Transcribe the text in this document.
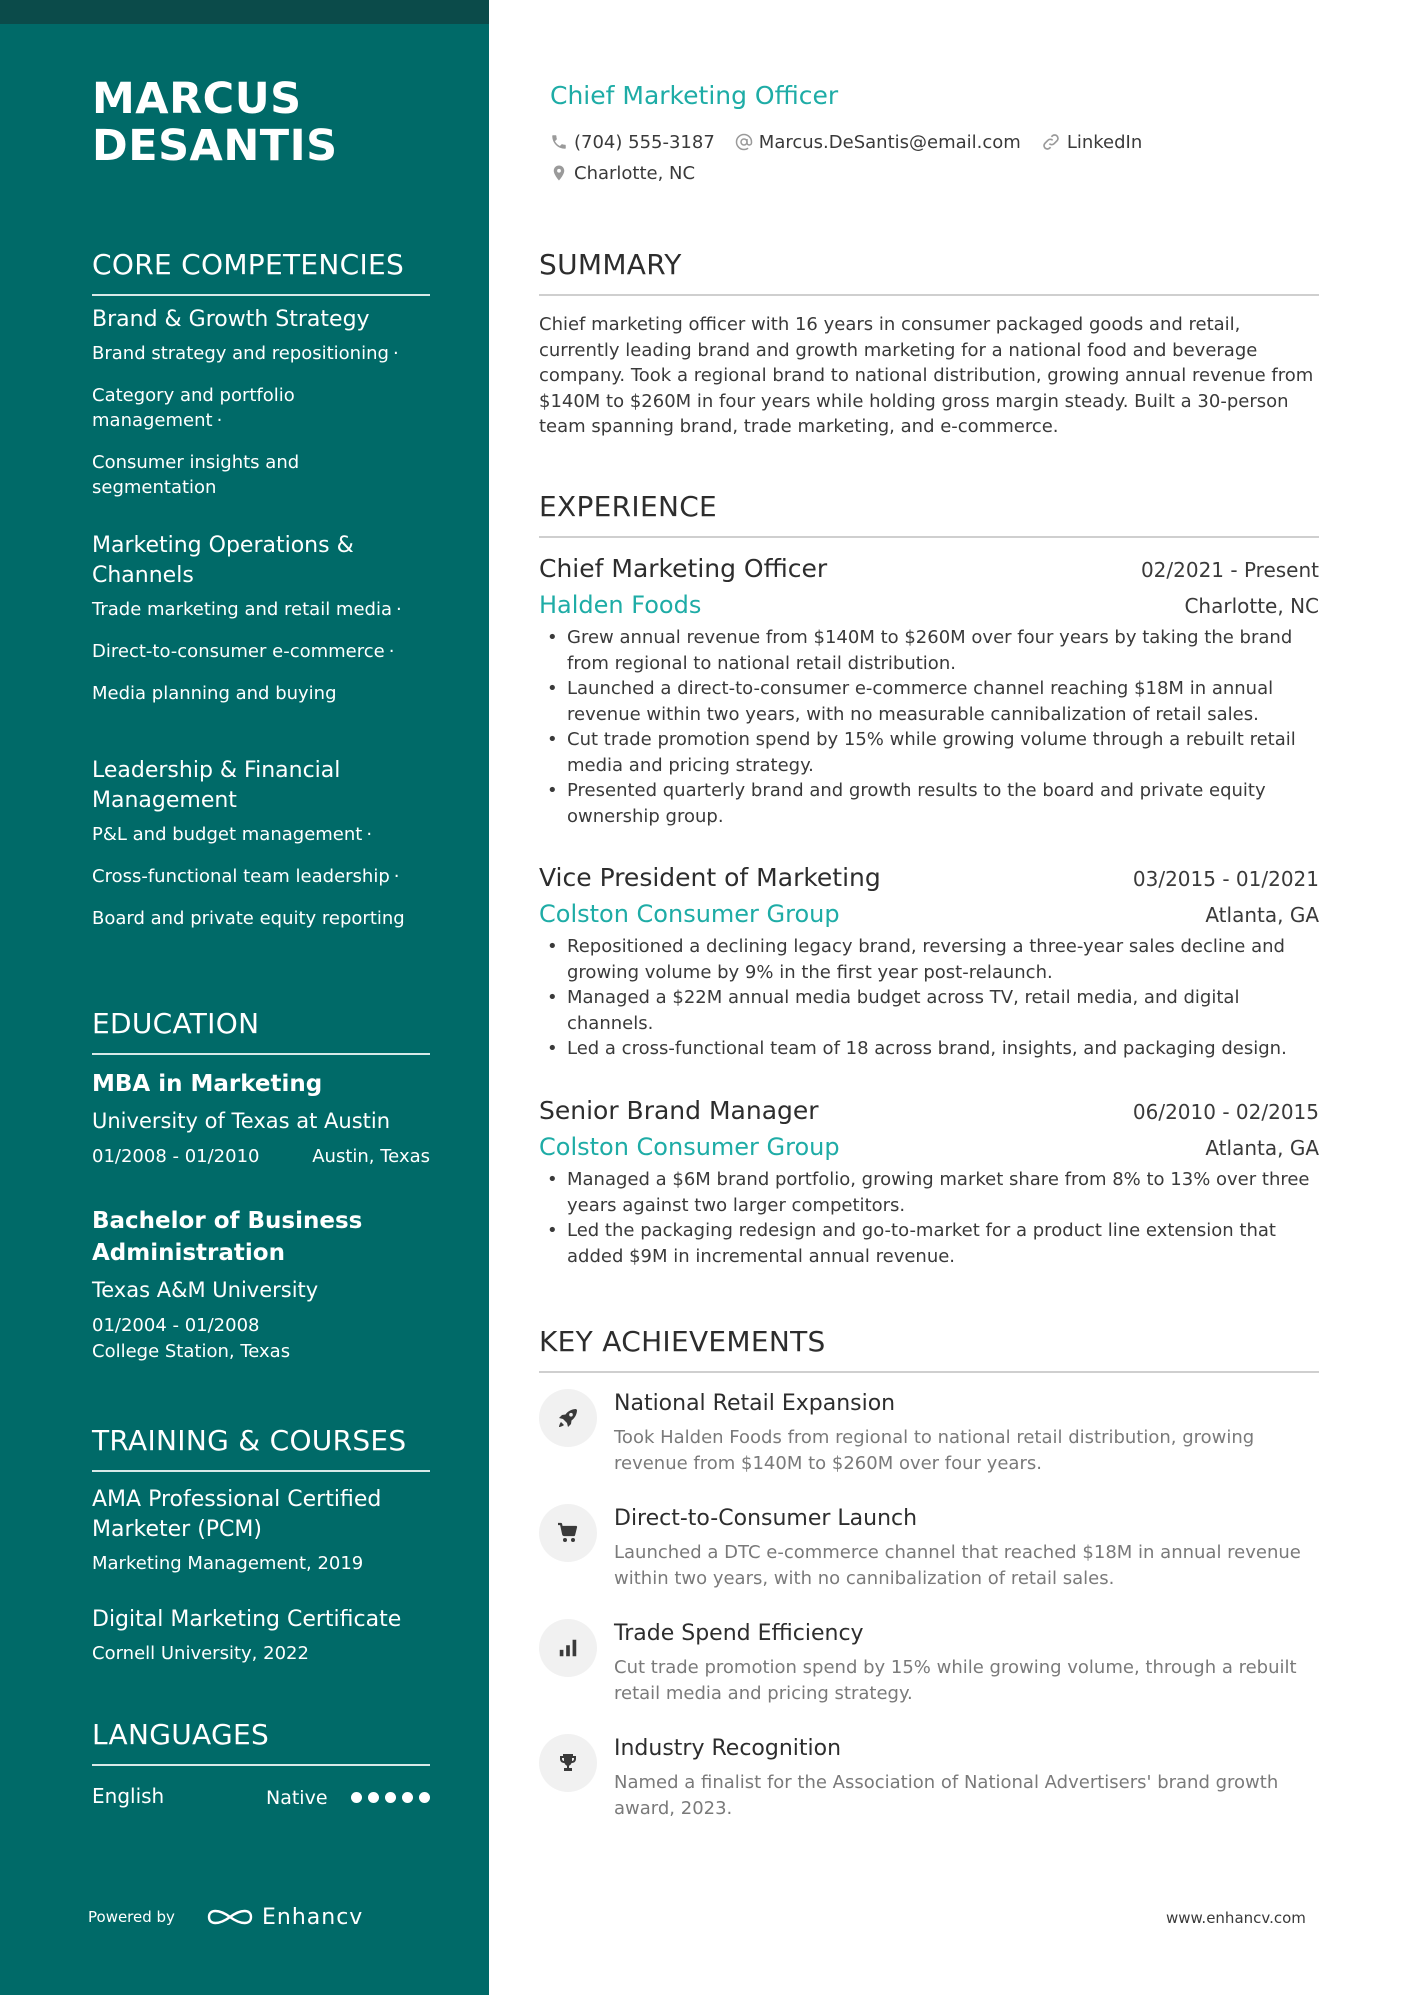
MARCUS
DESANTIS
CORE COMPETENCIES
Brand & Growth Strategy
Brand strategy and repositioning ·
Category and portfolio management ·
Consumer insights and segmentation
Marketing Operations & Channels
Trade marketing and retail media ·
Direct-to-consumer e-commerce ·
Media planning and buying
Leadership & Financial Management
P&L and budget management ·
Cross-functional team leadership ·
Board and private equity reporting
EDUCATION
MBA in Marketing
University of Texas at Austin
01/2008 - 01/2010	Austin, Texas
Bachelor of Business Administration
Texas A&M University
01/2004 - 01/2008
College Station, Texas
TRAINING & COURSES
AMA Professional Certified Marketer (PCM)
Marketing Management, 2019
Digital Marketing Certificate
Cornell University, 2022
LANGUAGES
English	Native
Powered by	Enhancv
Chief Marketing Officer
(704) 555-3187 Marcus.DeSantis@email.com	LinkedIn
Charlotte, NC
SUMMARY
Chief marketing officer with 16 years in consumer packaged goods and retail, currently leading brand and growth marketing for a national food and beverage company. Took a regional brand to national distribution, growing annual revenue from $140M to $260M in four years while holding gross margin steady. Built a 30-person team spanning brand, trade marketing, and e-commerce.
EXPERIENCE
Chief Marketing Officer	02/2021 - Present
Halden Foods	Charlotte, NC
• Grew annual revenue from $140M to $260M over four years by taking the brand from regional to national retail distribution.
• Launched a direct-to-consumer e-commerce channel reaching $18M in annual revenue within two years, with no measurable cannibalization of retail sales.
• Cut trade promotion spend by 15% while growing volume through a rebuilt retail media and pricing strategy.
• Presented quarterly brand and growth results to the board and private equity ownership group.
Vice President of Marketing	03/2015 - 01/2021
Colston Consumer Group	Atlanta, GA
• Repositioned a declining legacy brand, reversing a three-year sales decline and growing volume by 9% in the first year post-relaunch.
• Managed a $22M annual media budget across TV, retail media, and digital channels.
• Led a cross-functional team of 18 across brand, insights, and packaging design.
Senior Brand Manager	06/2010 - 02/2015
Colston Consumer Group	Atlanta, GA
• Managed a $6M brand portfolio, growing market share from 8% to 13% over three years against two larger competitors.
• Led the packaging redesign and go-to-market for a product line extension that added $9M in incremental annual revenue.
KEY ACHIEVEMENTS
National Retail Expansion
Took Halden Foods from regional to national retail distribution, growing revenue from $140M to $260M over four years.
Direct-to-Consumer Launch
Launched a DTC e-commerce channel that reached $18M in annual revenue within two years, with no cannibalization of retail sales.
Trade Spend Efficiency
Cut trade promotion spend by 15% while growing volume, through a rebuilt retail media and pricing strategy.
Industry Recognition
Named a finalist for the Association of National Advertisers' brand growth award, 2023.
www.enhancv.com
